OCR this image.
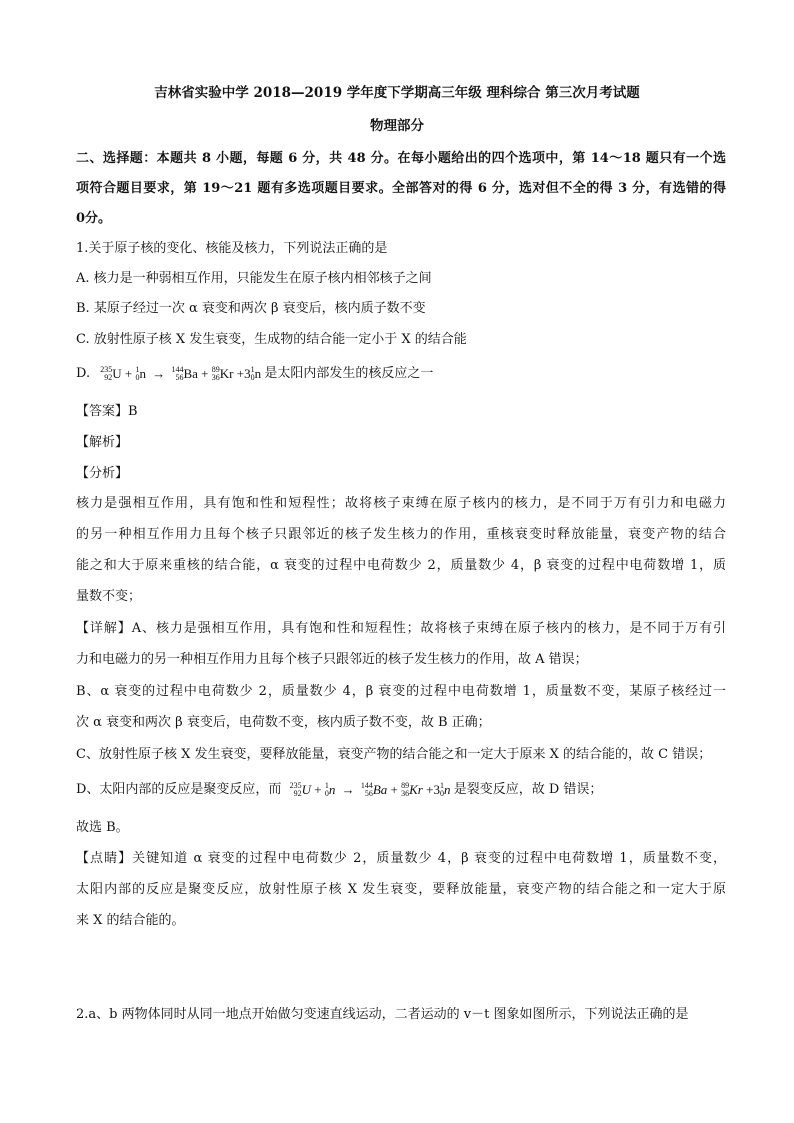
吉林省实验中学 2018—2019 学年度下学期高三年级 理科综合 第三次月考试题
物理部分
二、选择题：本题共 8 小题，每题 6 分，共 48 分。在每小题给出的四个选项中，第 14～18 题只有一个选
项符合题目要求，第 19～21 题有多选项题目要求。全部答对的得 6 分，选对但不全的得 3 分，有选错的得
0分。
1.关于原子核的变化、核能及核力，下列说法正确的是
A. 核力是一种弱相互作用，只能发生在原子核内相邻核子之间
B. 某原子经过一次 α 衰变和两次 β 衰变后，核内质子数不变
C. 放射性原子核 X 发生衰变，生成物的结合能一定小于 X 的结合能
D. 235
92 U + 1
0 n → 144
56 Ba + 89
36 Kr +3 1
0 n 是太阳内部发生的核反应之一
【答案】B
【解析】
【分析】
核力是强相互作用，具有饱和性和短程性；故将核子束缚在原子核内的核力，是不同于万有引力和电磁力
的另一种相互作用力且每个核子只跟邻近的核子发生核力的作用，重核衰变时释放能量，衰变产物的结合
能之和大于原来重核的结合能，α 衰变的过程中电荷数少 2，质量数少 4，β 衰变的过程中电荷数增 1，质
量数不变；
【详解】A、核力是强相互作用，具有饱和性和短程性；故将核子束缚在原子核内的核力，是不同于万有引
力和电磁力的另一种相互作用力且每个核子只跟邻近的核子发生核力的作用，故 A 错误；
B、α 衰变的过程中电荷数少 2，质量数少 4，β 衰变的过程中电荷数增 1，质量数不变，某原子核经过一
次 α 衰变和两次 β 衰变后，电荷数不变，核内质子数不变，故 B 正确；
C、放射性原子核 X 发生衰变，要释放能量，衰变产物的结合能之和一定大于原来 X 的结合能的，故 C 错误；
D、太阳内部的反应是聚变反应，而 235
92 U + 1
0 n → 144
56 Ba + 89
36 Kr +3 1
0 n 是裂变反应，故 D 错误；
故选 B。
【点睛】关键知道 α 衰变的过程中电荷数少 2，质量数少 4，β 衰变的过程中电荷数增 1，质量数不变，
太阳内部的反应是聚变反应，放射性原子核 X 发生衰变，要释放能量，衰变产物的结合能之和一定大于原
来 X 的结合能的。
2.a、b 两物体同时从同一地点开始做匀变速直线运动，二者运动的 v－t 图象如图所示，下列说法正确的是
